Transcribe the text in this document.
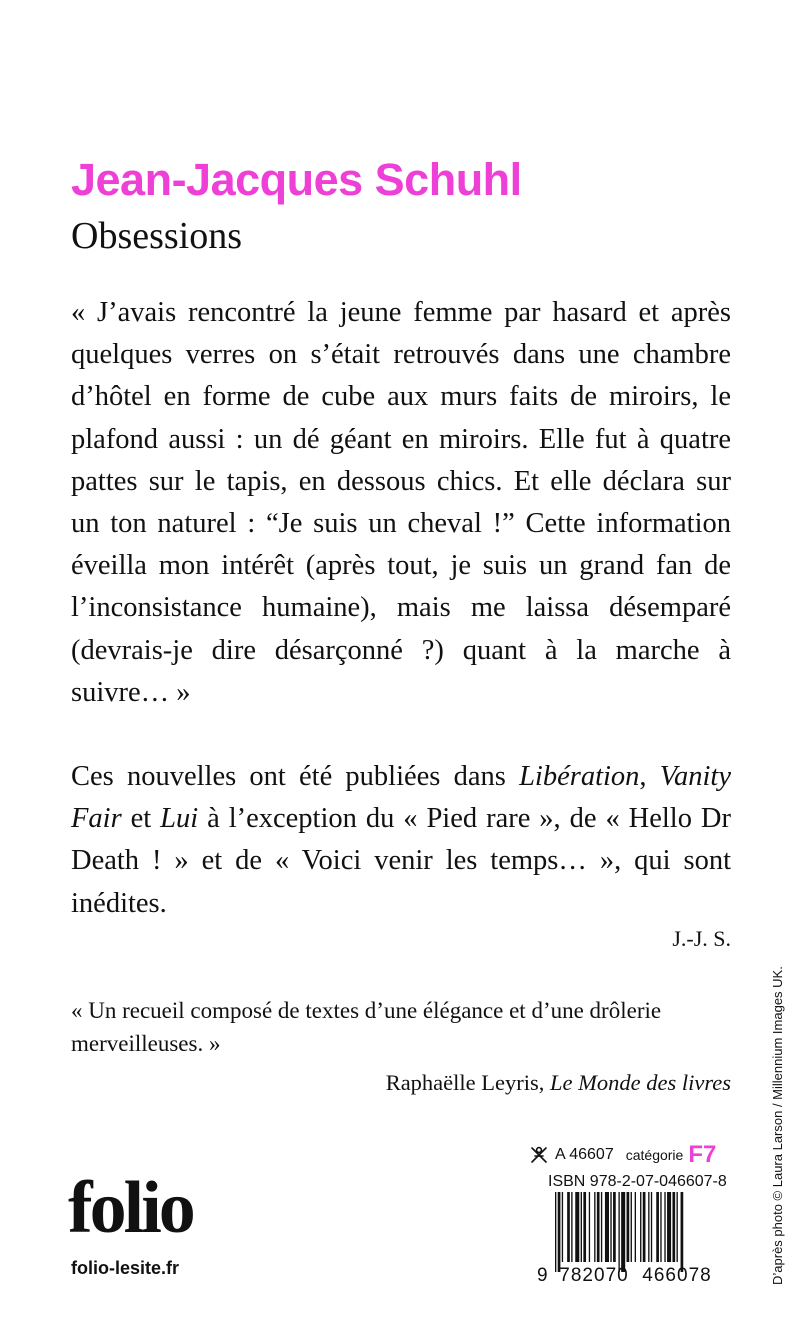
Jean-Jacques Schuhl
Obsessions
« J’avais rencontré la jeune femme par hasard et après
quelques verres on s’était retrouvés dans une chambre
d’hôtel en forme de cube aux murs faits de miroirs, le
plafond aussi : un dé géant en miroirs. Elle fut à quatre
pattes sur le tapis, en dessous chics. Et elle déclara sur
un ton naturel : “Je suis un cheval !” Cette information
éveilla mon intérêt (après tout, je suis un grand fan de
l’inconsistance humaine), mais me laissa désemparé
(devrais-je dire désarçonné ?) quant à la marche à
suivre… »
Ces nouvelles ont été publiées dans Libération, Vanity
Fair et Lui à l’exception du « Pied rare », de « Hello Dr
Death ! » et de « Voici venir les temps… », qui sont
inédites.
J.-J. S.
« Un recueil composé de textes d’une élégance et d’une drôlerie merveilleuses. »
Raphaëlle Leyris, Le Monde des livres
folio
folio-lesite.fr
A 46607 catégorie F7
ISBN 978-2-07-046607-8
9 782070 466078	D’après photo © Laura Larson / Millennium Images UK.
